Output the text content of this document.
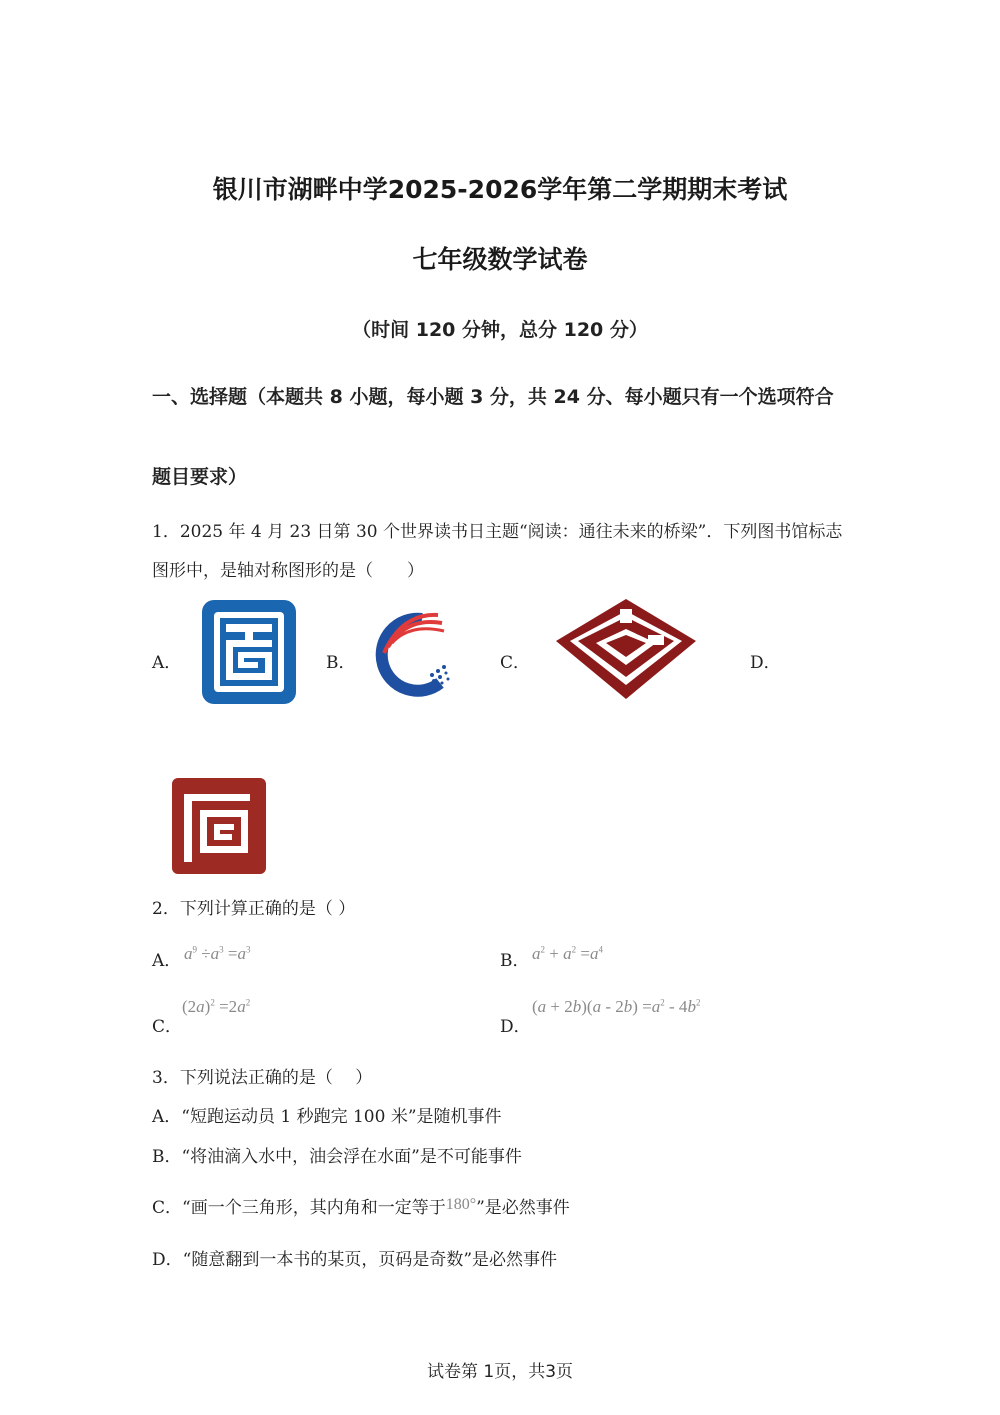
银川市湖畔中学2025-2026学年第二学期期末考试
七年级数学试卷
（时间 120 分钟，总分 120 分）
一、选择题（本题共 8 小题，每小题 3 分，共 24 分、每小题只有一个选项符合
题目要求）
1．2025 年 4 月 23 日第 30 个世界读书日主题“阅读：通往未来的桥梁”．下列图书馆标志
图形中，是轴对称图形的是（　　）
A．	B．	C．	D．
2．下列计算正确的是（ ）
A． $a^9 \div a^3 =a^3$
B． $a^2 + a^2 =a^4$
C．
$(2a)^2 =2a^2$
D．
$(a + 2b)(a - 2b) =a^2 - 4b^2$
3．下列说法正确的是（　 ）
A．“短跑运动员 1 秒跑完 100 米”是随机事件
B．“将油滴入水中，油会浮在水面”是不可能事件
C．“画一个三角形，其内角和一定等于180°”是必然事件
D．“随意翻到一本书的某页，页码是奇数”是必然事件
试卷第 1页，共3页
